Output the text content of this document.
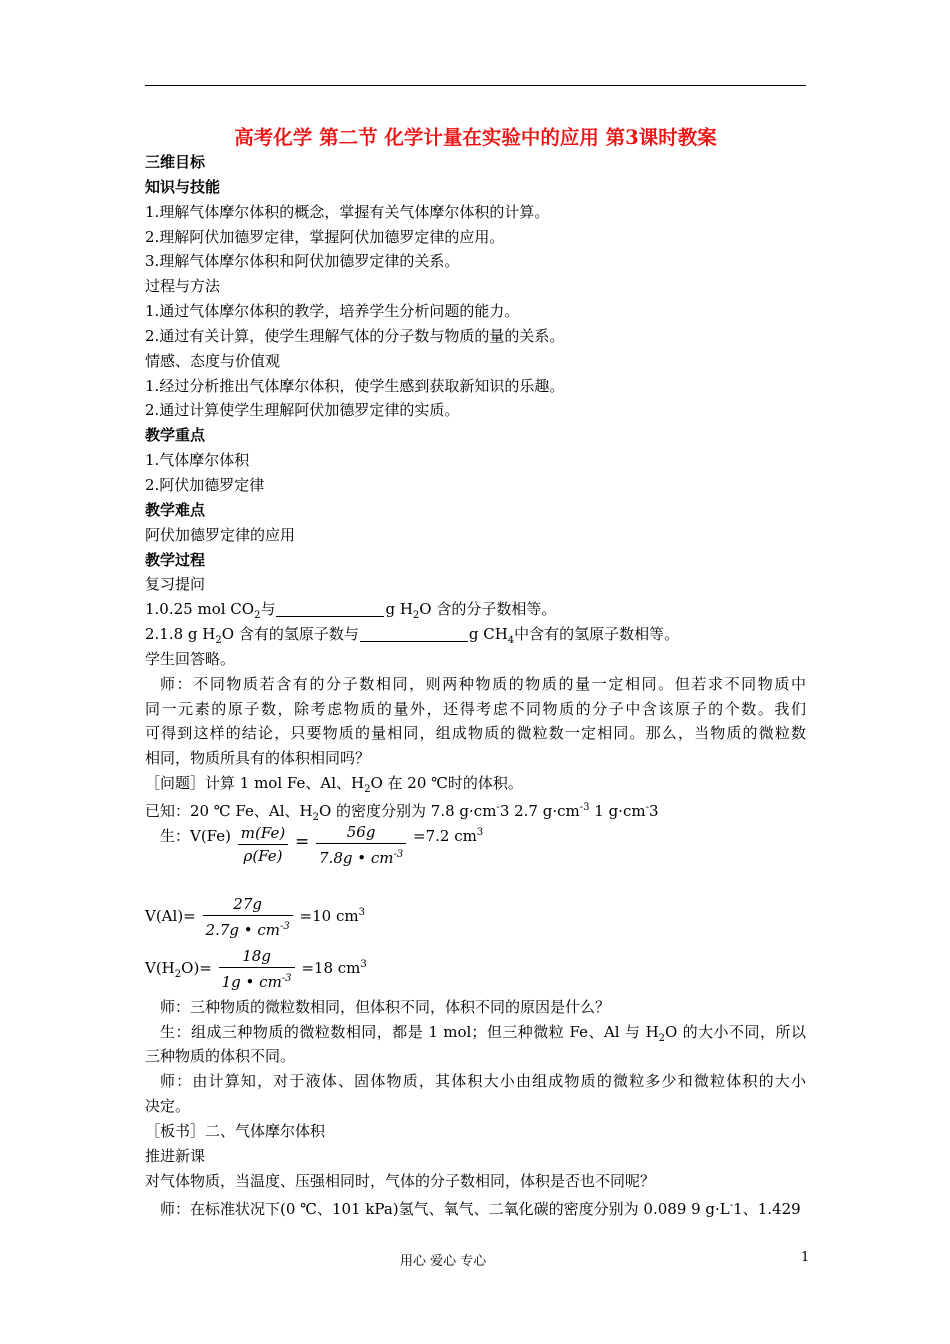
高考化学 第二节 化学计量在实验中的应用 第3课时教案
三维目标
知识与技能
1.理解气体摩尔体积的概念，掌握有关气体摩尔体积的计算。
2.理解阿伏加德罗定律，掌握阿伏加德罗定律的应用。
3.理解气体摩尔体积和阿伏加德罗定律的关系。
过程与方法
1.通过气体摩尔体积的教学，培养学生分析问题的能力。
2.通过有关计算，使学生理解气体的分子数与物质的量的关系。
情感、态度与价值观
1.经过分析推出气体摩尔体积，使学生感到获取新知识的乐趣。
2.通过计算使学生理解阿伏加德罗定律的实质。
教学重点
1.气体摩尔体积
2.阿伏加德罗定律
教学难点
阿伏加德罗定律的应用
教学过程
复习提问
1.0.25 mol $CO_2$与	g $H_2O$ 含的分子数相等。
2.1.8 g $H_2O$ 含有的氢原子数与	g $CH_4$中含有的氢原子数相等。
学生回答略。
师：不同物质若含有的分子数相同，则两种物质的物质的量一定相同。但若求不同物质中
同一元素的原子数，除考虑物质的量外，还得考虑不同物质的分子中含该原子的个数。我们
可得到这样的结论，只要物质的量相同，组成物质的微粒数一定相同。那么，当物质的微粒数
相同，物质所具有的体积相同吗？
［问题］计算 1 mol Fe、Al、$H_2O$ 在 20 ℃时的体积。
已知：20 ℃ Fe、Al、$H_2O$ 的密度分别为 7.8 g·cm-3 2.7 $g\cdot cm^{-3}$ 1 g·cm-3
生：$V(Fe) \frac{m(Fe)}{\rho(Fe)} = \frac{56g}{7.8g • cm^{-3}} =7.2$ $cm^3$
$V(Al)= \frac{27g}{2.7g • cm^{-3}} =10$ $cm^3$
$V(H_2O)= \frac{18g}{1g • cm^{-3}} =18$ $cm^3$
师：三种物质的微粒数相同，但体积不同，体积不同的原因是什么？
生：组成三种物质的微粒数相同，都是 1 mol；但三种微粒 Fe、Al 与 $H_2O$ 的大小不同，所以
三种物质的体积不同。
师：由计算知，对于液体、固体物质，其体积大小由组成物质的微粒多少和微粒体积的大小
决定。
［板书］二、气体摩尔体积
推进新课
对气体物质，当温度、压强相同时，气体的分子数相同，体积是否也不同呢？
师：在标准状况下(0 ℃、101 kPa)氢气、氧气、二氧化碳的密度分别为 0.089 9 g·L-1、1.429
用心 爱心 专心	1
